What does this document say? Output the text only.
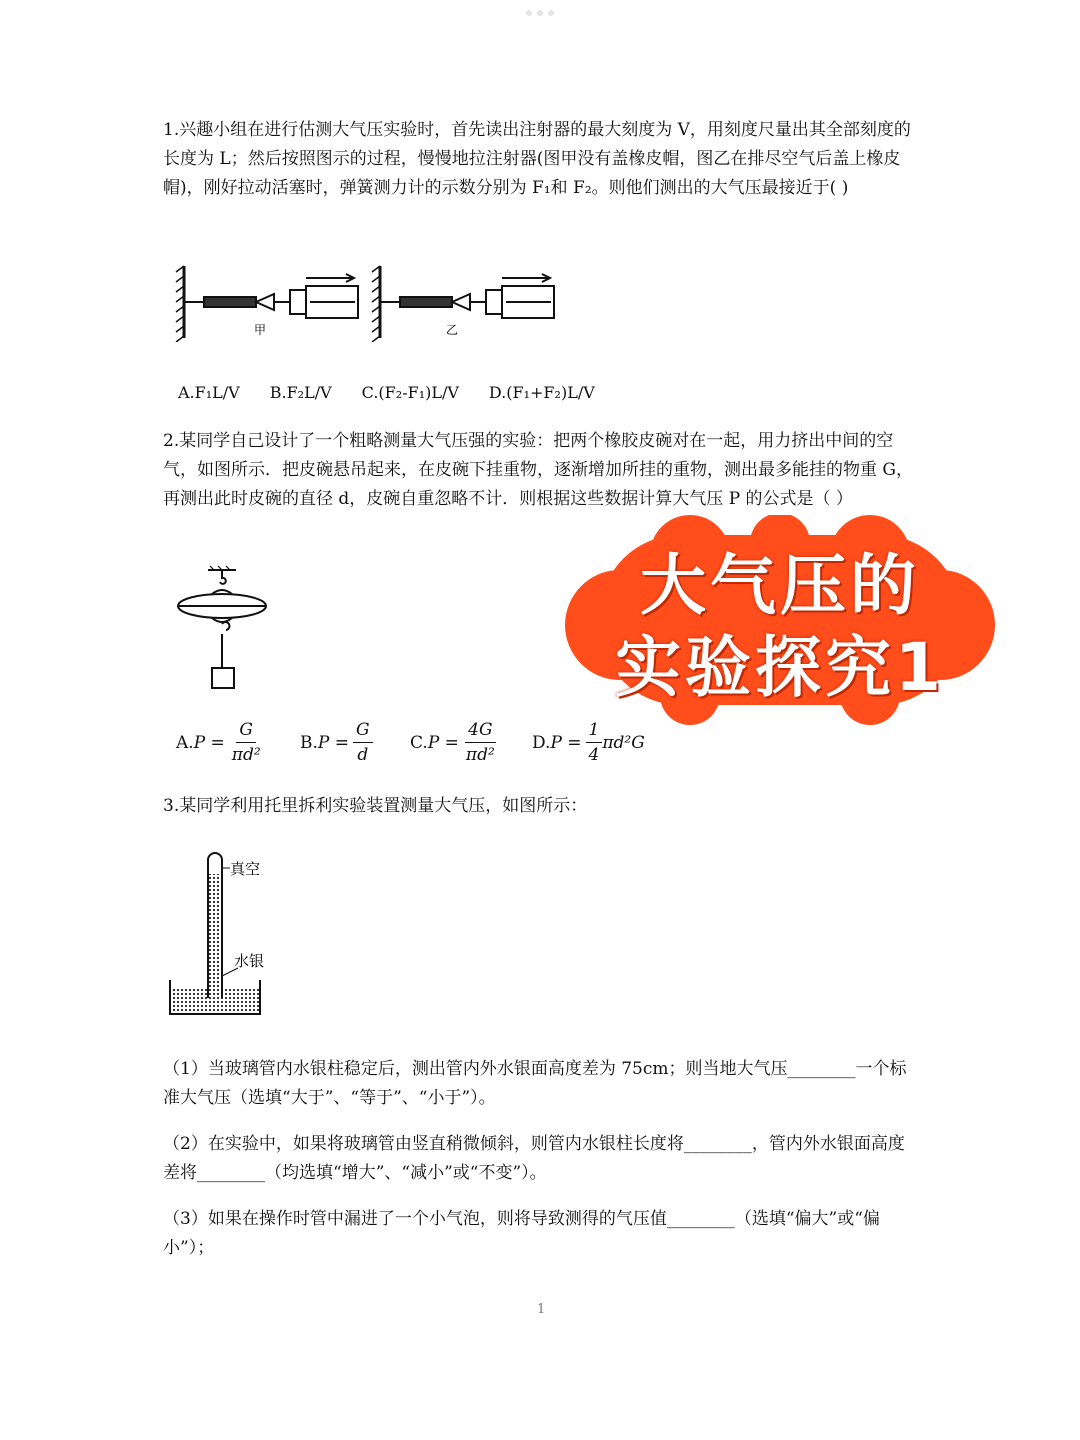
1.兴趣小组在进行估测大气压实验时，首先读出注射器的最大刻度为 V，用刻度尺量出其全部刻度的长度为 L；然后按照图示的过程，慢慢地拉注射器(图甲没有盖橡皮帽，图乙在排尽空气后盖上橡皮帽)，刚好拉动活塞时，弹簧测力计的示数分别为 F₁和 F₂。则他们测出的大气压最接近于( )

甲	乙
A.F₁L/V B.F₂L/V C.(F₂-F₁)L/V D.(F₁+F₂)L/V

2.某同学自己设计了一个粗略测量大气压强的实验：把两个橡胶皮碗对在一起，用力挤出中间的空气，如图所示．把皮碗悬吊起来，在皮碗下挂重物，逐渐增加所挂的重物，测出最多能挂的物重 G，再测出此时皮碗的直径 d，皮碗自重忽略不计．则根据这些数据计算大气压 P 的公式是（ ）

大气压的
实验探究1
A. $P = \frac{G}{\text{πd²}} B$. $P = \frac{G}{d} C$. $P = \frac{4G}{\text{πd²}} D$. $P = \frac{1}{4} \pi d^2G$

3.某同学利用托里拆利实验装置测量大气压，如图所示：

真空
水银

（1）当玻璃管内水银柱稳定后，测出管内外水银面高度差为 75cm；则当地大气压________一个标准大气压（选填“大于”、“等于”、“小于”）。

（2）在实验中，如果将玻璃管由竖直稍微倾斜，则管内水银柱长度将________，管内外水银面高度差将________（均选填“增大”、“减小”或“不变”）。

（3）如果在操作时管中漏进了一个小气泡，则将导致测得的气压值________（选填“偏大”或“偏小”）；

1
